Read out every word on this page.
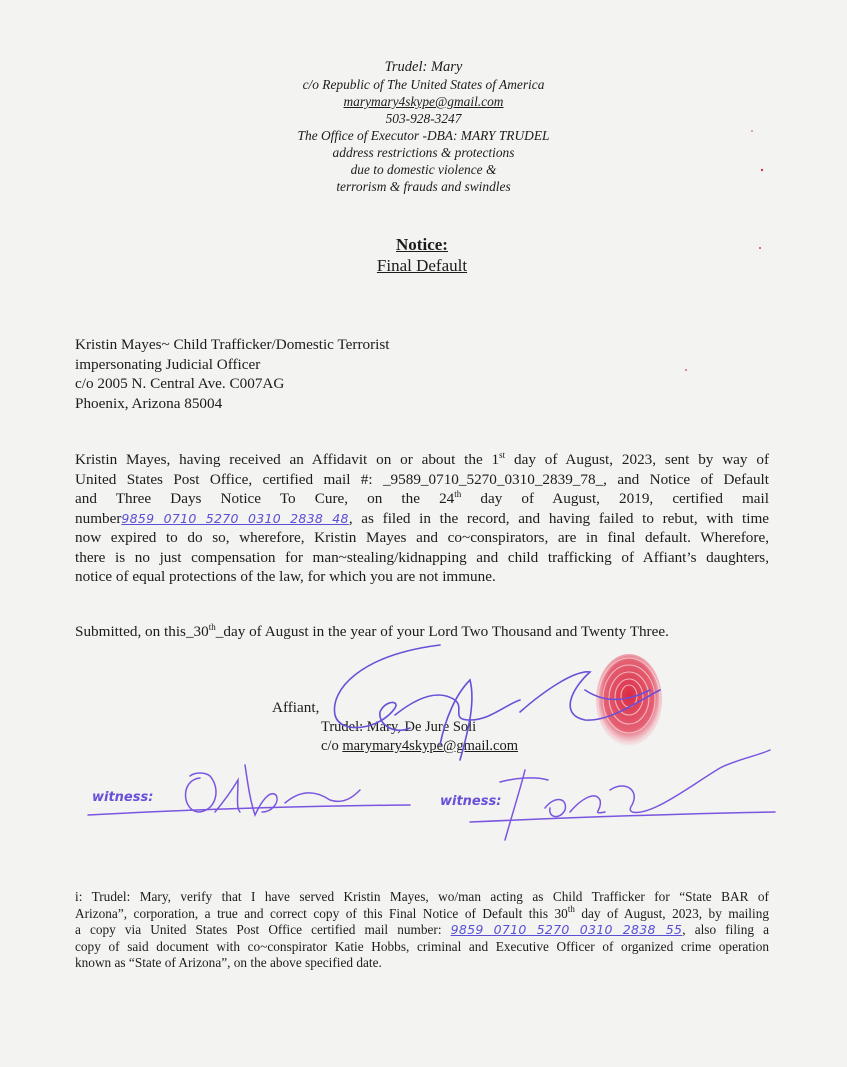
Trudel: Mary
c/o Republic of The United States of America
marymary4skype@gmail.com
503-928-3247
The Office of Executor -DBA: MARY TRUDEL
address restrictions & protections
due to domestic violence &
terrorism & frauds and swindles
Notice:
Final Default
Kristin Mayes~ Child Trafficker/Domestic Terrorist
impersonating Judicial Officer
c/o 2005 N. Central Ave. C007AG
Phoenix, Arizona 85004
Kristin Mayes, having received an Affidavit on or about the 1st day of August, 2023, sent by way of
United States Post Office, certified mail #: _9589_0710_5270_0310_2839_78_, and Notice of Default
and Three Days Notice To Cure, on the 24th day of August, 2019, certified mail
number9859 0710 5270 0310 2838 48, as filed in the record, and having failed to rebut, with time
now expired to do so, wherefore, Kristin Mayes and co~conspirators, are in final default. Wherefore,
there is no just compensation for man~stealing/kidnapping and child trafficking of Affiant’s daughters,
notice of equal protections of the law, for which you are not immune.
Submitted, on this_30th_day of August in the year of your Lord Two Thousand and Twenty Three.
Affiant,
Trudel: Mary, De Jure Soli
c/o marymary4skype@gmail.com
witness:	witness:
i: Trudel: Mary, verify that I have served Kristin Mayes, wo/man acting as Child Trafficker for “State BAR of
Arizona”, corporation, a true and correct copy of this Final Notice of Default this 30th day of August, 2023, by mailing
a copy via United States Post Office certified mail number: 9859 0710 5270 0310 2838 55, also filing a
copy of said document with co~conspirator Katie Hobbs, criminal and Executive Officer of organized crime operation
known as “State of Arizona”, on the above specified date.
